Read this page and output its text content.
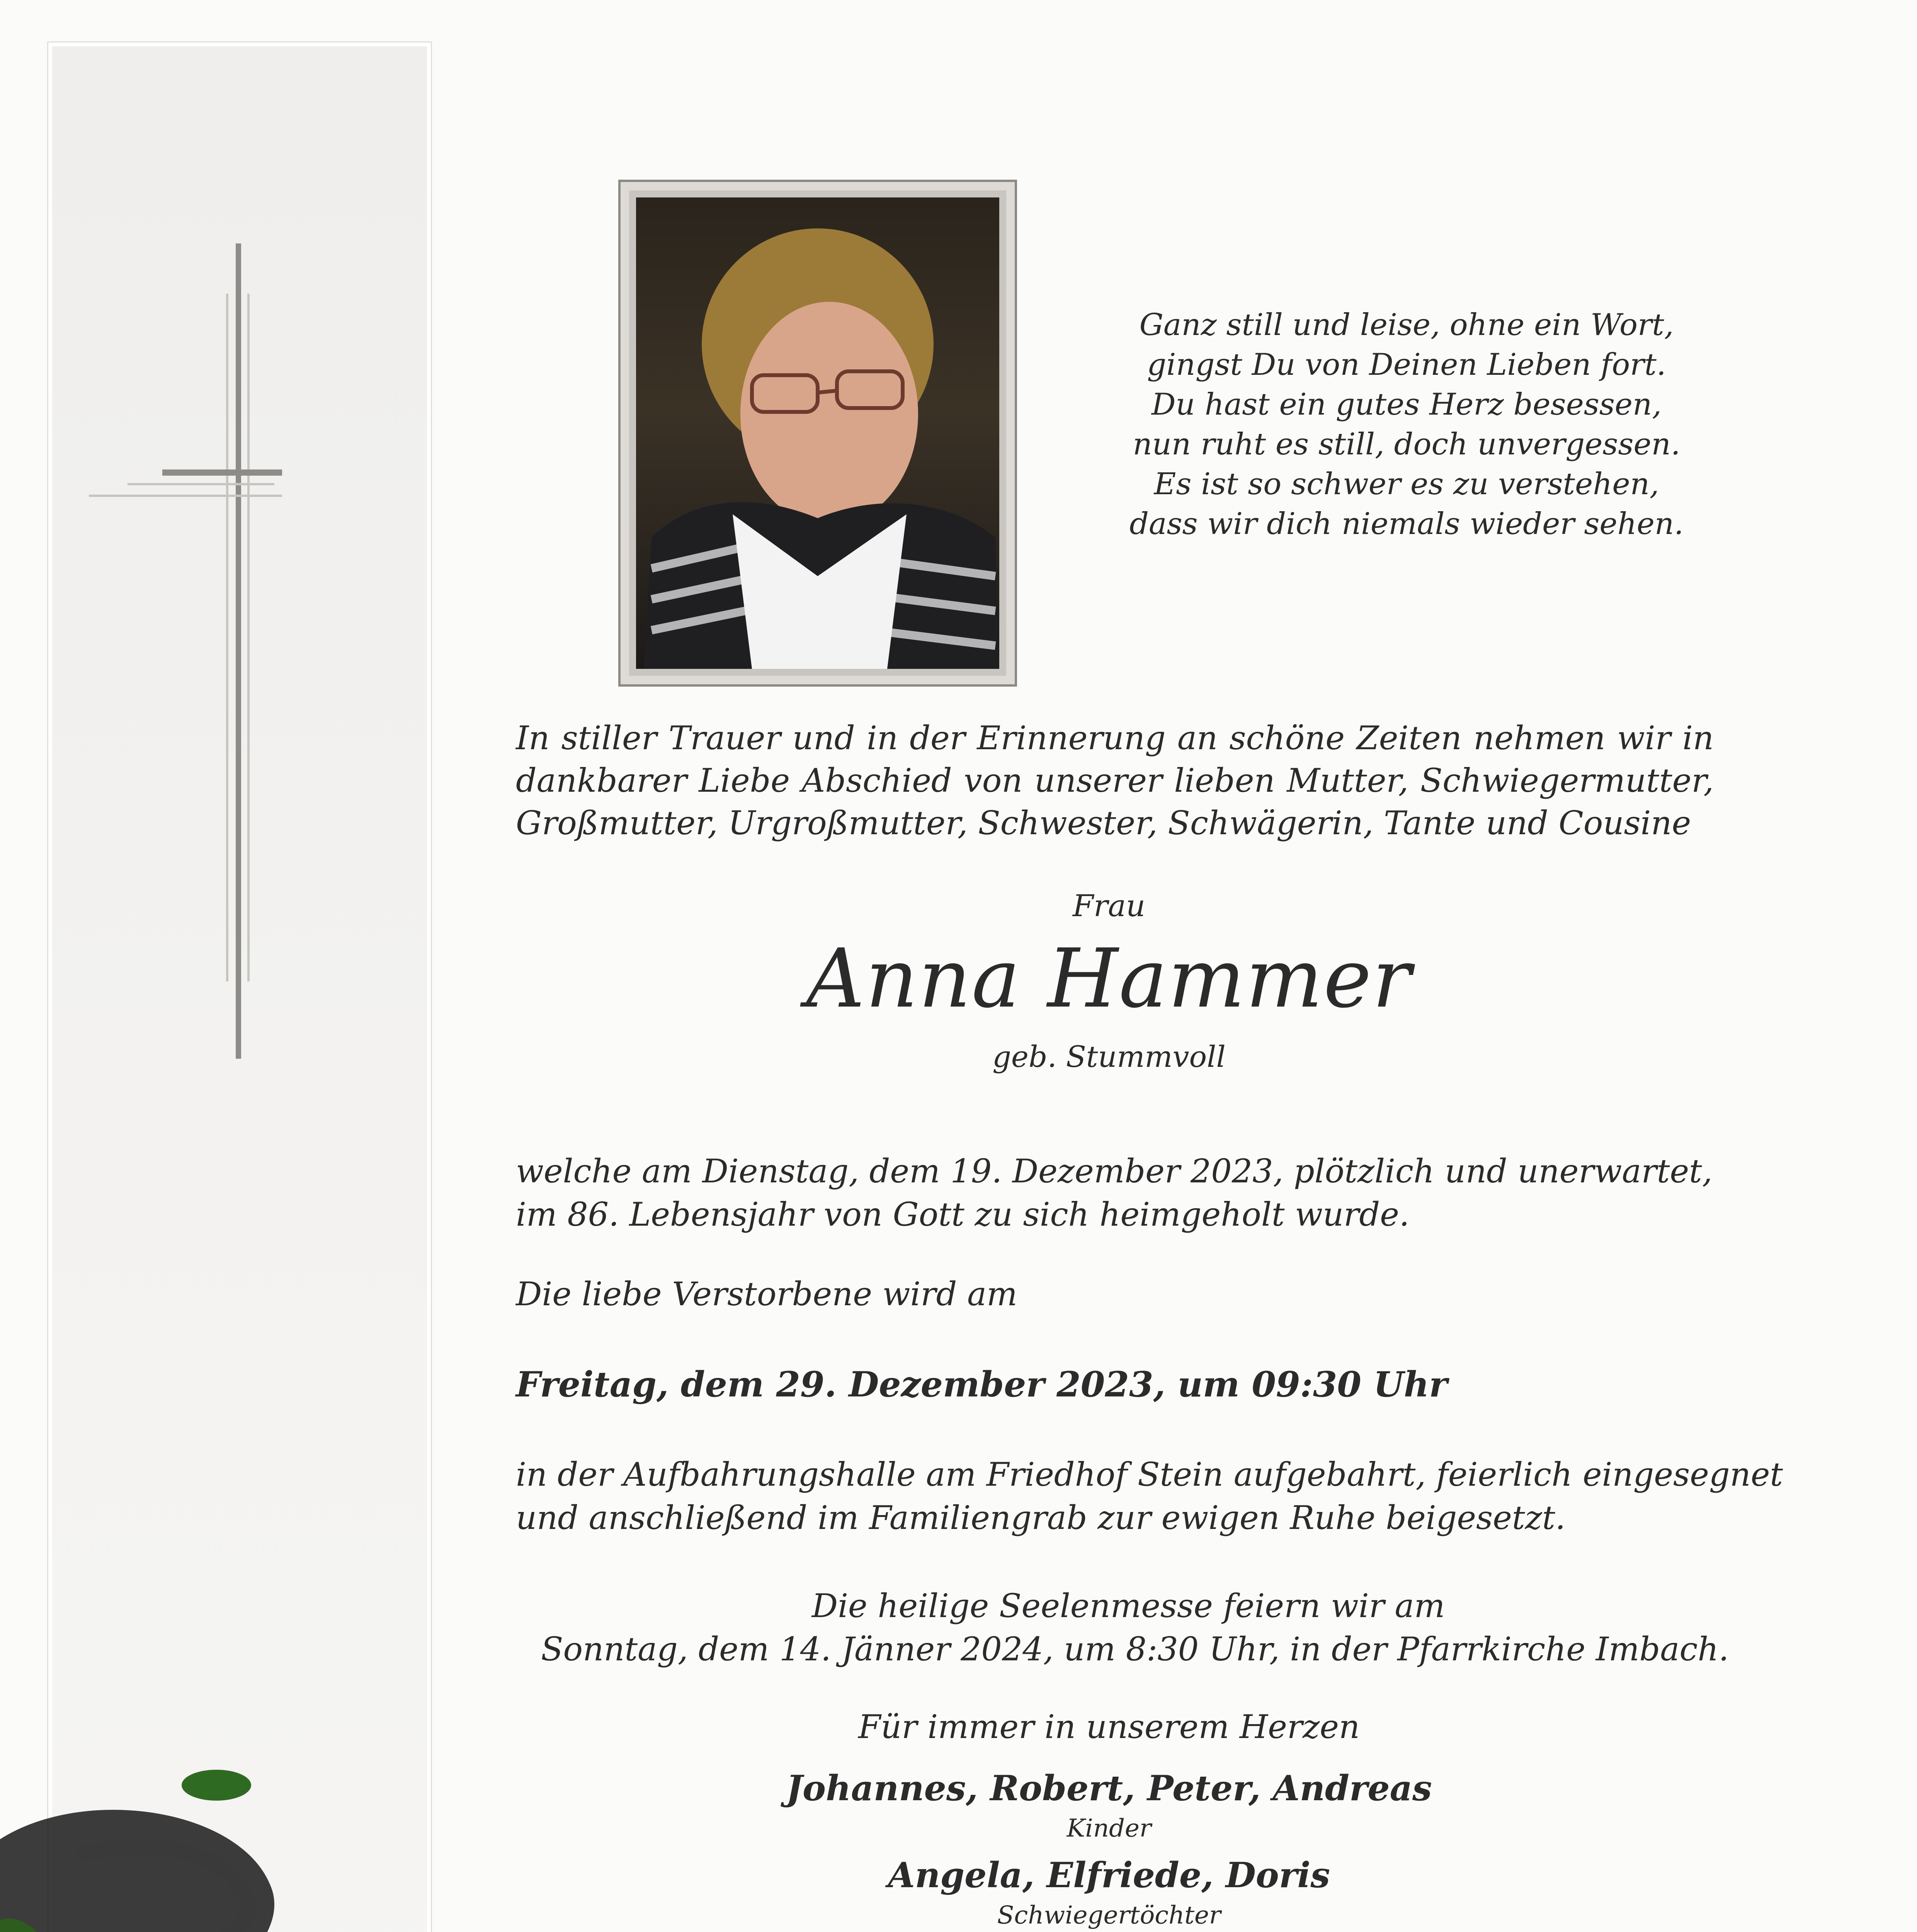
Ganz still und leise, ohne ein Wort,
gingst Du von Deinen Lieben fort.
Du hast ein gutes Herz besessen,
nun ruht es still, doch unvergessen.
Es ist so schwer es zu verstehen,
dass wir dich niemals wieder sehen.
In stiller Trauer und in der Erinnerung an schöne Zeiten nehmen wir in dankbarer Liebe Abschied von unserer lieben Mutter, Schwiegermutter, Großmutter, Urgroßmutter, Schwester, Schwägerin, Tante und Cousine
Frau
Anna Hammer
geb. Stummvoll
welche am Dienstag, dem 19. Dezember 2023, plötzlich und unerwartet,
im 86. Lebensjahr von Gott zu sich heimgeholt wurde.
Die liebe Verstorbene wird am
Freitag, dem 29. Dezember 2023, um 09:30 Uhr
in der Aufbahrungshalle am Friedhof Stein aufgebahrt, feierlich eingesegnet
und anschließend im Familiengrab zur ewigen Ruhe beigesetzt.
Die heilige Seelenmesse feiern wir am
Sonntag, dem 14. Jänner 2024, um 8:30 Uhr, in der Pfarrkirche Imbach.
Für immer in unserem Herzen
Johannes, Robert, Peter, Andreas
Kinder
Angela, Elfriede, Doris
Schwiegertöchter
